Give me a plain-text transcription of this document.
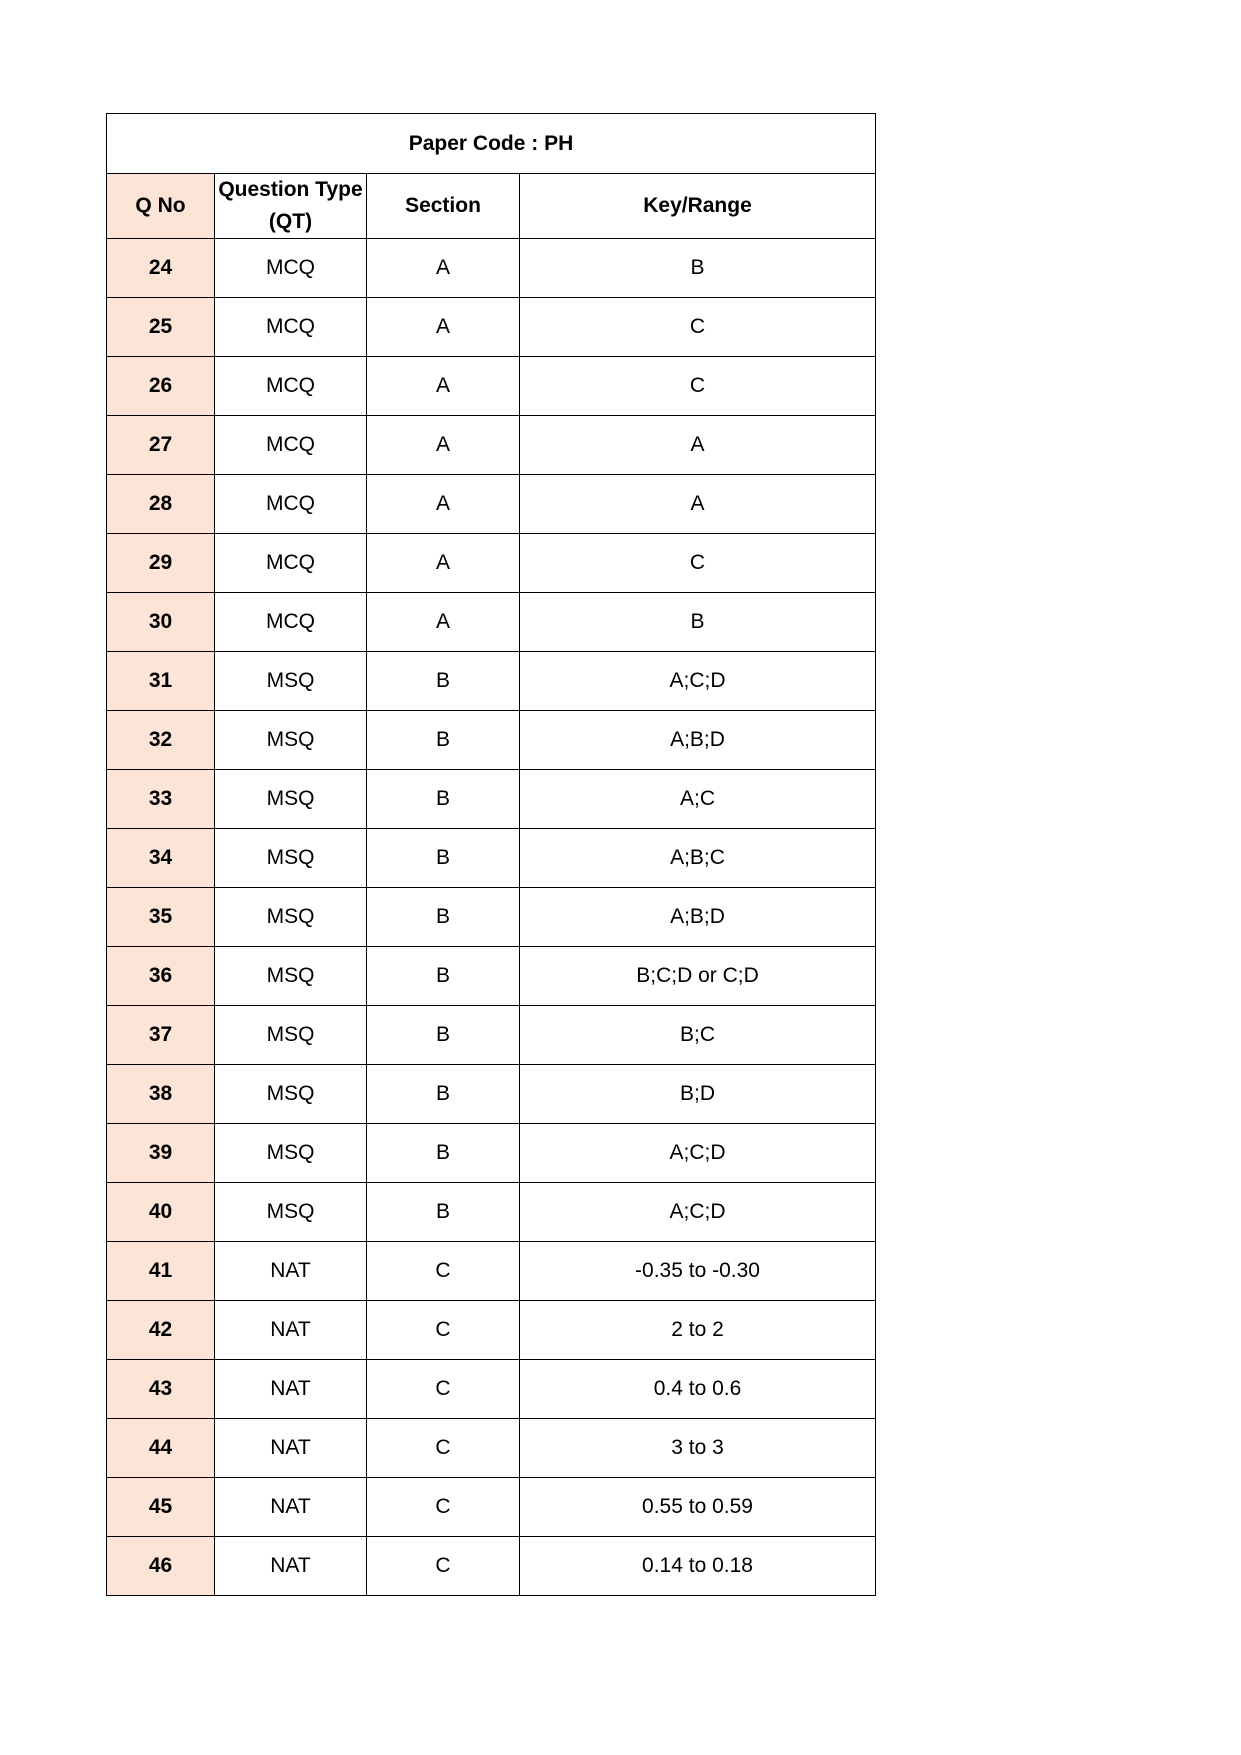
Paper Code : PH			
Q No	Question Type (QT)	Section	Key/Range
24	MCQ	A	B
25	MCQ	A	C
26	MCQ	A	C
27	MCQ	A	A
28	MCQ	A	A
29	MCQ	A	C
30	MCQ	A	B
31	MSQ	B	A;C;D
32	MSQ	B	A;B;D
33	MSQ	B	A;C
34	MSQ	B	A;B;C
35	MSQ	B	A;B;D
36	MSQ	B	B;C;D or C;D
37	MSQ	B	B;C
38	MSQ	B	B;D
39	MSQ	B	A;C;D
40	MSQ	B	A;C;D
41	NAT	C	-0.35 to -0.30
42	NAT	C	2 to 2
43	NAT	C	0.4 to 0.6
44	NAT	C	3 to 3
45	NAT	C	0.55 to 0.59
46	NAT	C	0.14 to 0.18
